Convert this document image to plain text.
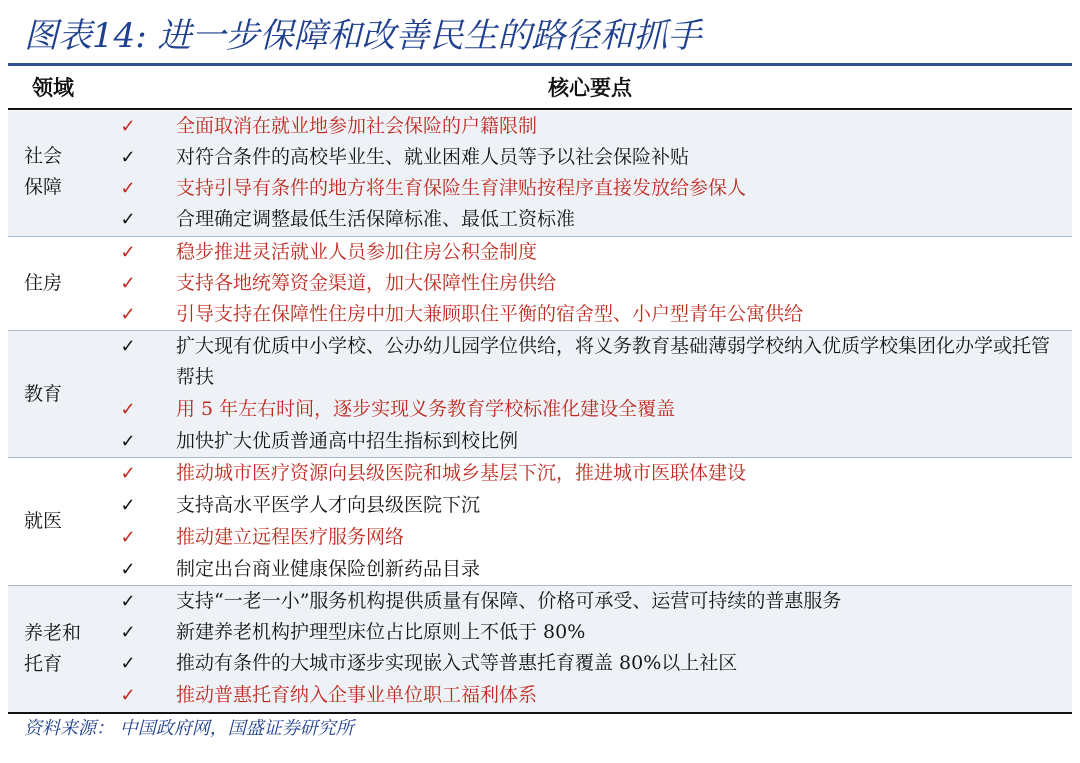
图表14: 进一步保障和改善民生的路径和抓手
领域	核心要点
社会
保障
✓ 全面取消在就业地参加社会保险的户籍限制
✓ 对符合条件的高校毕业生、就业困难人员等予以社会保险补贴
✓ 支持引导有条件的地方将生育保险生育津贴按程序直接发放给参保人
✓ 合理确定调整最低生活保障标准、最低工资标准
住房
✓ 稳步推进灵活就业人员参加住房公积金制度
✓ 支持各地统筹资金渠道，加大保障性住房供给
✓ 引导支持在保障性住房中加大兼顾职住平衡的宿舍型、小户型青年公寓供给
教育
✓ 扩大现有优质中小学校、公办幼儿园学位供给，将义务教育基础薄弱学校纳入优质学校集团化办学或托管帮扶
✓ 用 5 年左右时间，逐步实现义务教育学校标准化建设全覆盖
✓ 加快扩大优质普通高中招生指标到校比例
就医
✓ 推动城市医疗资源向县级医院和城乡基层下沉，推进城市医联体建设
✓ 支持高水平医学人才向县级医院下沉
✓ 推动建立远程医疗服务网络
✓ 制定出台商业健康保险创新药品目录
养老和
托育
✓ 支持“一老一小”服务机构提供质量有保障、价格可承受、运营可持续的普惠服务
✓ 新建养老机构护理型床位占比原则上不低于 80%
✓ 推动有条件的大城市逐步实现嵌入式等普惠托育覆盖 80%以上社区
✓ 推动普惠托育纳入企事业单位职工福利体系
资料来源： 中国政府网，国盛证券研究所
